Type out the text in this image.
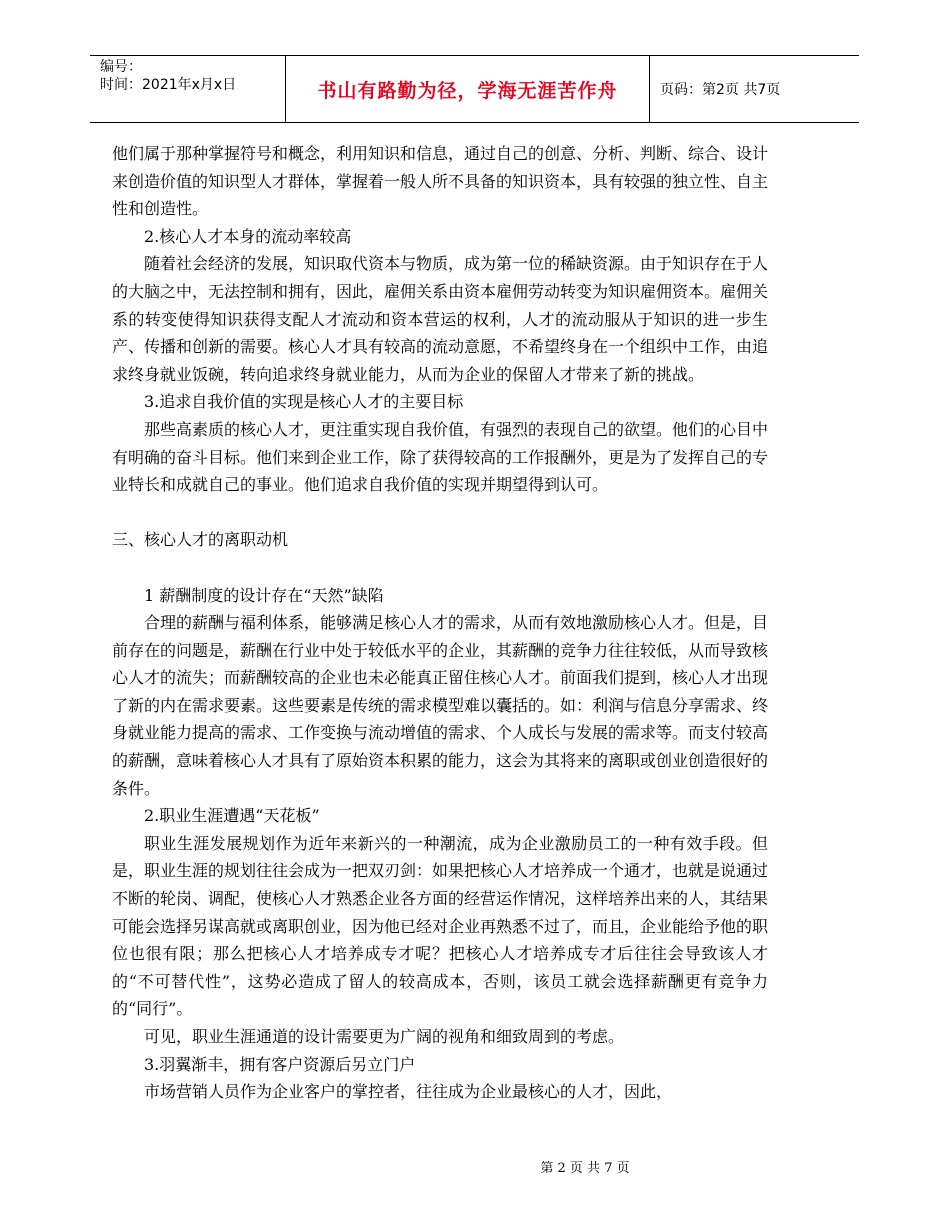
编号：
时间：2021年x月x日	书山有路勤为径，学海无涯苦作舟	页码：第2页 共7页

他们属于那种掌握符号和概念，利用知识和信息，通过自己的创意、分析、判断、综合、设计来创造价值的知识型人才群体，掌握着一般人所不具备的知识资本，具有较强的独立性、自主性和创造性。

2.核心人才本身的流动率较高

随着社会经济的发展，知识取代资本与物质，成为第一位的稀缺资源。由于知识存在于人的大脑之中，无法控制和拥有，因此，雇佣关系由资本雇佣劳动转变为知识雇佣资本。雇佣关系的转变使得知识获得支配人才流动和资本营运的权利，人才的流动服从于知识的进一步生产、传播和创新的需要。核心人才具有较高的流动意愿，不希望终身在一个组织中工作，由追求终身就业饭碗，转向追求终身就业能力，从而为企业的保留人才带来了新的挑战。

3.追求自我价值的实现是核心人才的主要目标

那些高素质的核心人才，更注重实现自我价值，有强烈的表现自己的欲望。他们的心目中有明确的奋斗目标。他们来到企业工作，除了获得较高的工作报酬外，更是为了发挥自己的专业特长和成就自己的事业。他们追求自我价值的实现并期望得到认可。

三、核心人才的离职动机

1 薪酬制度的设计存在“天然”缺陷

合理的薪酬与福利体系，能够满足核心人才的需求，从而有效地激励核心人才。但是，目前存在的问题是，薪酬在行业中处于较低水平的企业，其薪酬的竞争力往往较低，从而导致核心人才的流失；而薪酬较高的企业也未必能真正留住核心人才。前面我们提到，核心人才出现了新的内在需求要素。这些要素是传统的需求模型难以囊括的。如：利润与信息分享需求、终身就业能力提高的需求、工作变换与流动增值的需求、个人成长与发展的需求等。而支付较高的薪酬，意味着核心人才具有了原始资本积累的能力，这会为其将来的离职或创业创造很好的条件。

2.职业生涯遭遇“天花板”

职业生涯发展规划作为近年来新兴的一种潮流，成为企业激励员工的一种有效手段。但是，职业生涯的规划往往会成为一把双刃剑：如果把核心人才培养成一个通才，也就是说通过不断的轮岗、调配，使核心人才熟悉企业各方面的经营运作情况，这样培养出来的人，其结果可能会选择另谋高就或离职创业，因为他已经对企业再熟悉不过了，而且，企业能给予他的职位也很有限；那么把核心人才培养成专才呢？把核心人才培养成专才后往往会导致该人才的“不可替代性”，这势必造成了留人的较高成本，否则，该员工就会选择薪酬更有竞争力的“同行”。

可见，职业生涯通道的设计需要更为广阔的视角和细致周到的考虑。

3.羽翼渐丰，拥有客户资源后另立门户

市场营销人员作为企业客户的掌控者，往往成为企业最核心的人才，因此，

第 2 页 共 7 页
